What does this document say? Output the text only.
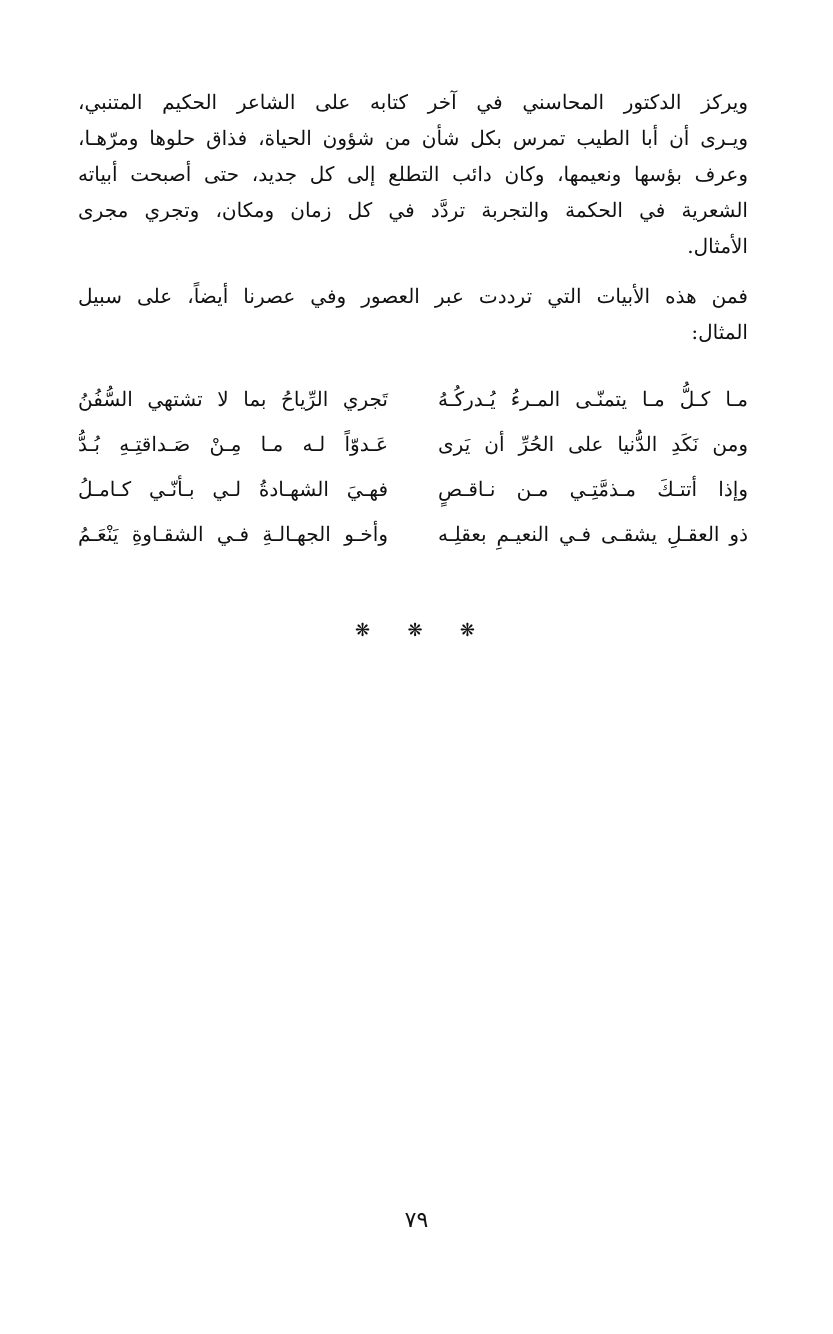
ويركز الدكتور المحاسني في آخر كتابه على الشاعر الحكيم المتنبي،
ويـرى أن أبا الطيب تمرس بكل شأن من شؤون الحياة، فذاق حلوها ومرّهـا،
وعرف بؤسها ونعيمها، وكان دائب التطلع إلى كل جديد، حتى أصبحت أبياته
الشعرية في الحكمة والتجربة تردَّد في كل زمان ومكان، وتجري مجرى
الأمثال.

فمن هذه الأبيات التي ترددت عبر العصور وفي عصرنا أيضاً، على سبيل
المثال:

مـا كـلُّ مـا يتمنّـى المـرءُ يُـدركُـهُ
تَجري الرِّياحُ بما لا تشتهي السُّفُنُ
ومن نَكَدِ الدُّنيا على الحُرِّ أن يَرى
عَـدوّاً لـه مـا مِـنْ صَـداقتِـهِ بُـدُّ
وإذا أتتـكَ مـذمَّتِـي مـن نـاقـصٍ
فهـيَ الشهـادةُ لـي بـأنّـي كـامـلُ
ذو العقـلِ يشقـى فـي النعيـمِ بعقلِـه
وأخـو الجهـالـةِ فـي الشقـاوةِ يَنْعَـمُ
❋ ❋ ❋
٧٩
